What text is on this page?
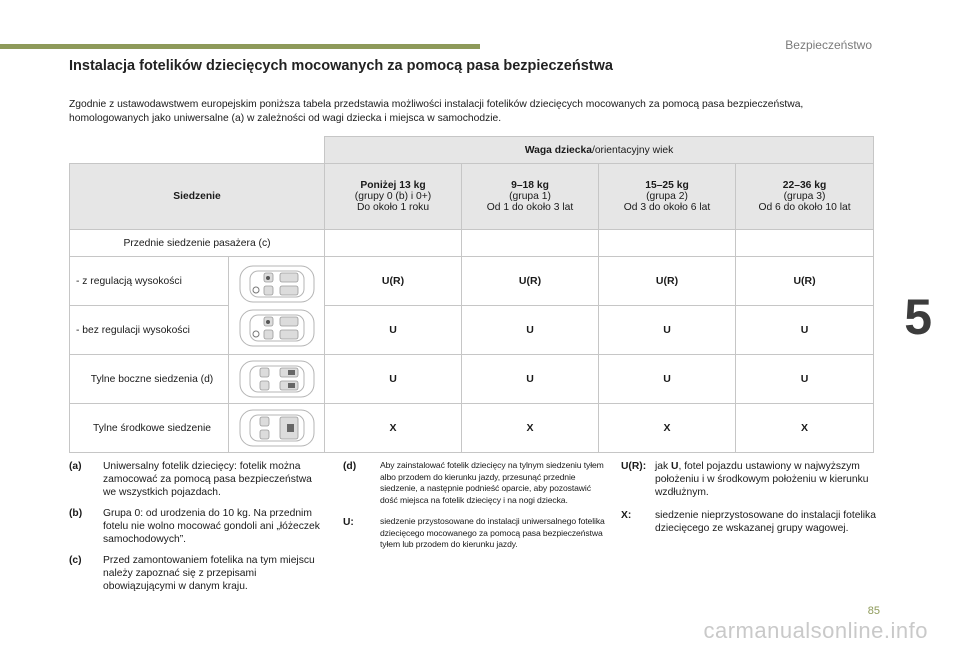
Bezpieczeństwo
5
Instalacja fotelików dziecięcych mocowanych za pomocą pasa bezpieczeństwa

Zgodnie z ustawodawstwem europejskim poniższa tabela przedstawia możliwości instalacji fotelików dziecięcych mocowanych za pomocą pasa bezpieczeństwa, homologowanych jako uniwersalne (a) w zależności od wagi dziecka i miejsca w samochodzie.

		Waga dziecka/orientacyjny wiek			
Siedzenie		Poniżej 13 kg
(grupy 0 (b) i 0+)
Do około 1 roku	9–18 kg
(grupa 1)
Od 1 do około 3 lat	15–25 kg
(grupa 2)
Od 3 do około 6 lat	22–36 kg
(grupa 3)
Od 6 do około 10 lat
Przednie siedzenie pasażera (c)					
- z regulacją wysokości		U(R)	U(R)	U(R)	U(R)
- bez regulacji wysokości		U	U	U	U
Tylne boczne siedzenia (d)		U	U	U	U
Tylne środkowe siedzenie		X	X	X	X
(a)	Uniwersalny fotelik dziecięcy: fotelik można zamocować za pomocą pasa bezpieczeństwa we wszystkich pojazdach.
(b)	Grupa 0: od urodzenia do 10 kg. Na przednim fotelu nie wolno mocować gondoli ani „łóżeczek samochodowych”.
(c)	Przed zamontowaniem fotelika na tym miejscu należy zapoznać się z przepisami obowiązującymi w danym kraju.
(d)	Aby zainstalować fotelik dziecięcy na tylnym siedzeniu tyłem albo przodem do kierunku jazdy, przesunąć przednie siedzenie, a następnie podnieść oparcie, aby pozostawić dość miejsca na fotelik dziecięcy i na nogi dziecka.
U:	siedzenie przystosowane do instalacji uniwersalnego fotelika dziecięcego mocowanego za pomocą pasa bezpieczeństwa tyłem lub przodem do kierunku jazdy.
U(R): jak U, fotel pojazdu ustawiony w najwyższym położeniu i w środkowym położeniu w kierunku wzdłużnym.
X:	siedzenie nieprzystosowane do instalacji fotelika dziecięcego ze wskazanej grupy wagowej.
85
carmanualsonline.info
